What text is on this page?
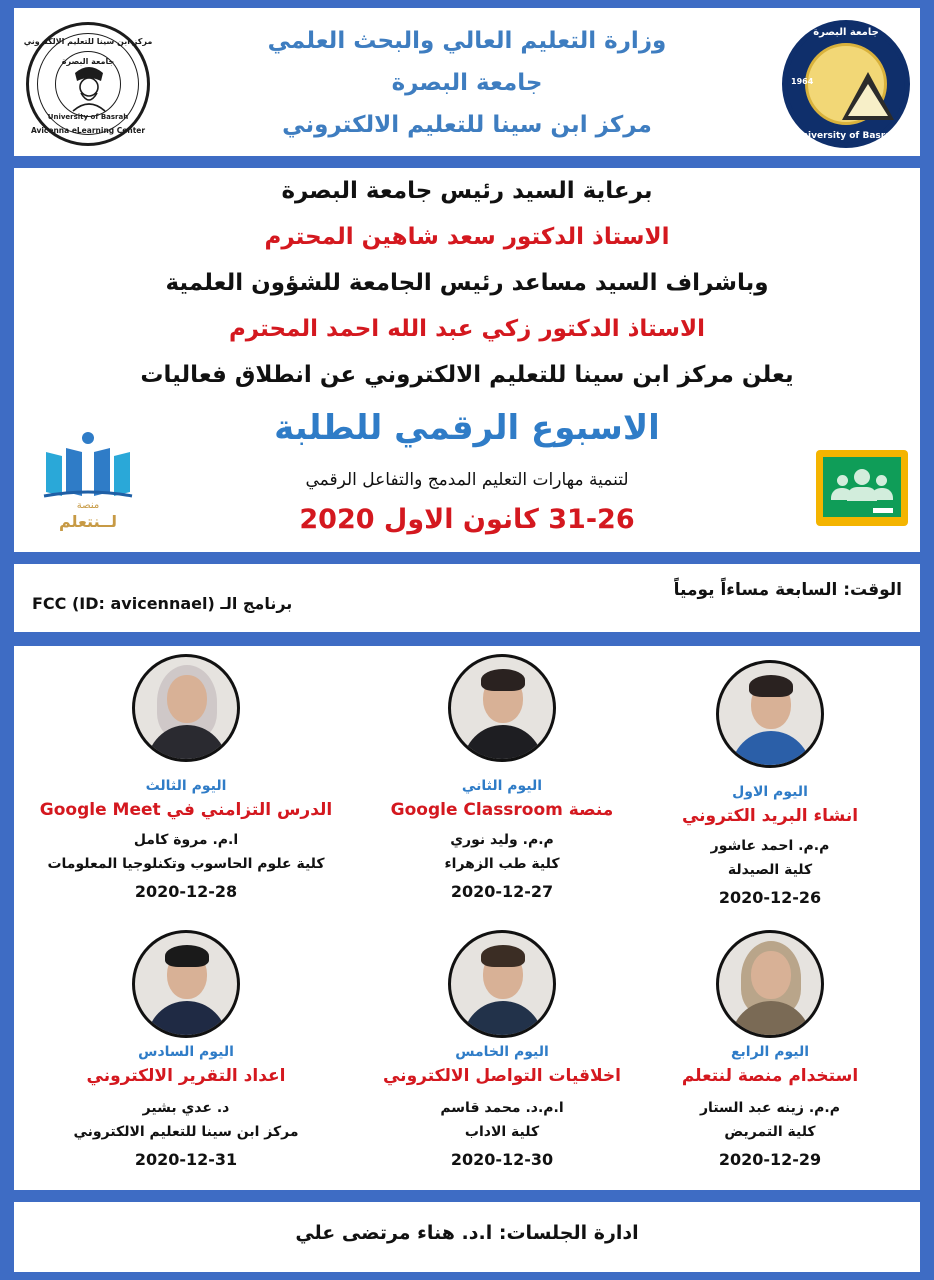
مركز ابن سينا للتعليم الالكتروني
جامعة البصرة
University of Basrah
Avicenna eLearning Center
وزارة التعليم العالي والبحث العلمي
جامعة البصرة
مركز ابن سينا للتعليم الالكتروني
جامعة البصرة
1964
University of Basrah
برعاية السيد رئيس جامعة البصرة
الاستاذ الدكتور سعد شاهين المحترم
وباشراف السيد مساعد رئيس الجامعة للشؤون العلمية
الاستاذ الدكتور زكي عبد الله احمد المحترم
يعلن مركز ابن سينا للتعليم الالكتروني عن انطلاق فعاليات
الاسبوع الرقمي للطلبة
لتنمية مهارات التعليم المدمج والتفاعل الرقمي
31-26 كانون الاول 2020
منصة
لــنتعلم
الوقت: السابعة مساءاً يومياً
برنامج الـ FCC (ID: avicennael)
اليوم الاول
انشاء البريد الكتروني
م.م. احمد عاشور
كلية الصيدلة
2020-12-26
اليوم الثاني
منصة Google Classroom
م.م. وليد نوري
كلية طب الزهراء
2020-12-27
اليوم الثالث
الدرس التزامني في Google Meet
ا.م. مروة كامل
كلية علوم الحاسوب وتكنلوجيا المعلومات
2020-12-28
اليوم الرابع
استخدام منصة لنتعلم
م.م. زينه عبد الستار
كلية التمريض
2020-12-29
اليوم الخامس
اخلاقيات التواصل الالكتروني
ا.م.د. محمد قاسم
كلية الاداب
2020-12-30
اليوم السادس
اعداد التقرير الالكتروني
د. عدي بشير
مركز ابن سينا للتعليم الالكتروني
2020-12-31
ادارة الجلسات: ا.د. هناء مرتضى علي
